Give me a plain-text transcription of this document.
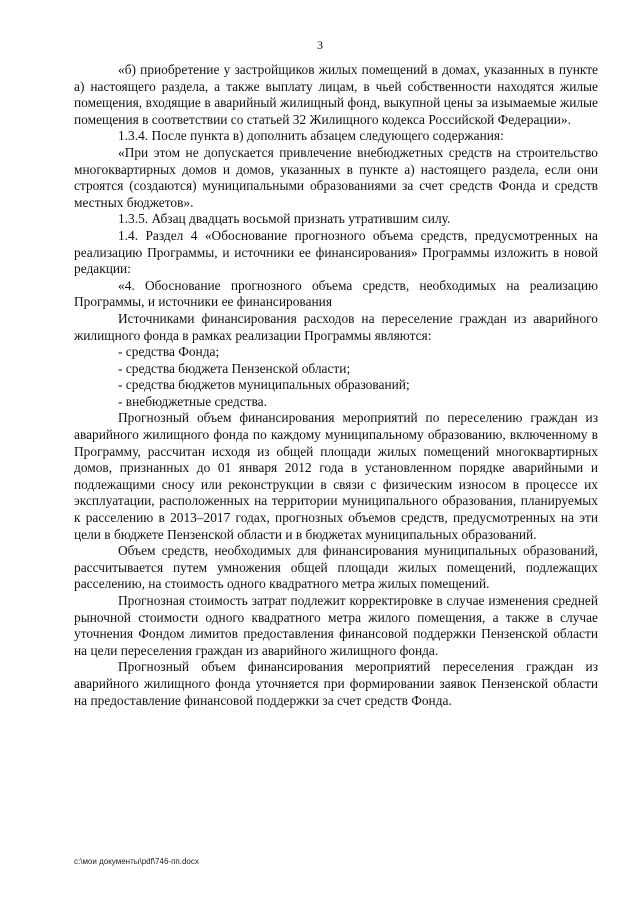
3

«б) приобретение у застройщиков жилых помещений в домах, указанных в пункте а) настоящего раздела, а также выплату лицам, в чьей собственности находятся жилые помещения, входящие в аварийный жилищный фонд, выкупной цены за изымаемые жилые помещения в соответствии со статьей 32 Жилищного кодекса Российской Федерации».

1.3.4. После пункта в) дополнить абзацем следующего содержания:

«При этом не допускается привлечение внебюджетных средств на строительство многоквартирных домов и домов, указанных в пункте а) настоящего раздела, если они строятся (создаются) муниципальными образованиями за счет средств Фонда и средств местных бюджетов».

1.3.5. Абзац двадцать восьмой признать утратившим силу.

1.4. Раздел 4 «Обоснование прогнозного объема средств, предусмотренных на реализацию Программы, и источники ее финансирования» Программы изложить в новой редакции:

«4. Обоснование прогнозного объема средств, необходимых на реализацию Программы, и источники ее финансирования

Источниками финансирования расходов на переселение граждан из аварийного жилищного фонда в рамках реализации Программы являются:

- средства Фонда;

- средства бюджета Пензенской области;

- средства бюджетов муниципальных образований;

- внебюджетные средства.

Прогнозный объем финансирования мероприятий по переселению граждан из аварийного жилищного фонда по каждому муниципальному образованию, включенному в Программу, рассчитан исходя из общей площади жилых помещений многоквартирных домов, признанных до 01 января 2012 года в установленном порядке аварийными и подлежащими сносу или реконструкции в связи с физическим износом в процессе их эксплуатации, расположенных на территории муниципального образования, планируемых к расселению в 2013–2017 годах, прогнозных объемов средств, предусмотренных на эти цели в бюджете Пензенской области и в бюджетах муниципальных образований.

Объем средств, необходимых для финансирования муниципальных образований, рассчитывается путем умножения общей площади жилых помещений, подлежащих расселению, на стоимость одного квадратного метра жилых помещений.

Прогнозная стоимость затрат подлежит корректировке в случае изменения средней рыночной стоимости одного квадратного метра жилого помещения, а также в случае уточнения Фондом лимитов предоставления финансовой поддержки Пензенской области на цели переселения граждан из аварийного жилищного фонда.

Прогнозный объем финансирования мероприятий переселения граждан из аварийного жилищного фонда уточняется при формировании заявок Пензенской области на предоставление финансовой поддержки за счет средств Фонда.

c:\мои документы\pdf\746-пп.docx
